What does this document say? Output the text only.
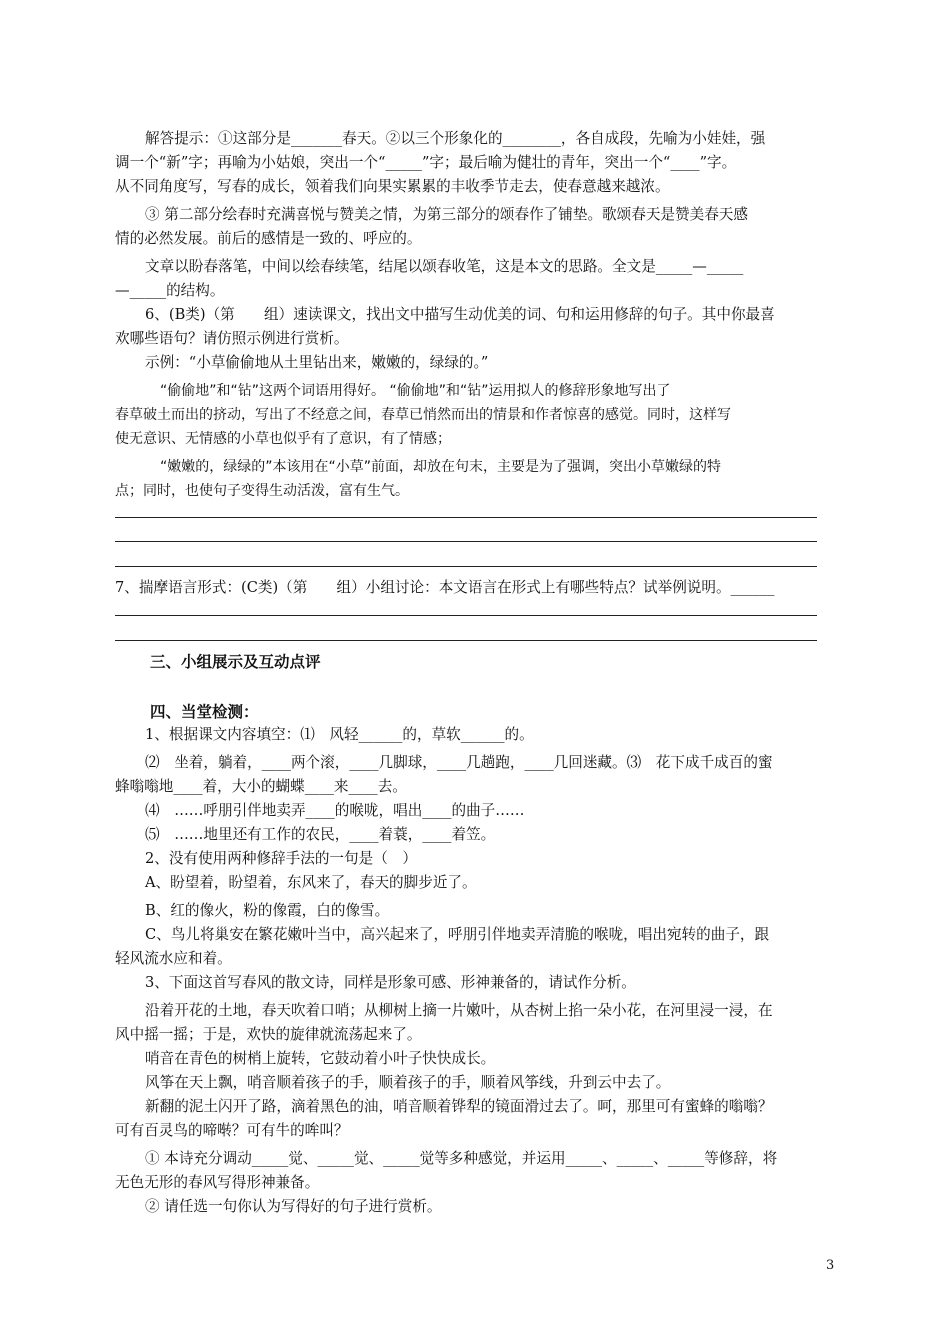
解答提示：①这部分是_______春天。②以三个形象化的________，各自成段，先喻为小娃娃，强
调一个“新”字；再喻为小姑娘，突出一个“_____”字；最后喻为健壮的青年，突出一个“____”字。
从不同角度写，写春的成长，领着我们向果实累累的丰收季节走去，使春意越来越浓。
③ 第二部分绘春时充满喜悦与赞美之情，为第三部分的颂春作了铺垫。歌颂春天是赞美春天感
情的必然发展。前后的感情是一致的、呼应的。
文章以盼春落笔，中间以绘春续笔，结尾以颂春收笔，这是本文的思路。全文是_____—_____
—_____的结构。
6、(B类)（第　　组）速读课文，找出文中描写生动优美的词、句和运用修辞的句子。其中你最喜
欢哪些语句？请仿照示例进行赏析。
示例：“小草偷偷地从土里钻出来，嫩嫩的，绿绿的。”
“偷偷地”和“钻”这两个词语用得好。 “偷偷地”和“钻”运用拟人的修辞形象地写出了
春草破土而出的挤动，写出了不经意之间，春草已悄然而出的情景和作者惊喜的感觉。同时，这样写
使无意识、无情感的小草也似乎有了意识，有了情感；
“嫩嫩的，绿绿的”本该用在“小草”前面，却放在句末，主要是为了强调，突出小草嫩绿的特
点；同时，也使句子变得生动活泼，富有生气。
7、揣摩语言形式：(C类)（第　　组）小组讨论：本文语言在形式上有哪些特点？试举例说明。______
三、小组展示及互动点评
四、当堂检测：
1、根据课文内容填空：⑴　风轻______的，草软______的。
⑵　坐着，躺着，____两个滚，____几脚球，____几趟跑，____几回迷藏。⑶　花下成千成百的蜜
蜂嗡嗡地____着，大小的蝴蝶____来____去。
⑷　……呼朋引伴地卖弄____的喉咙，唱出____的曲子……
⑸　……地里还有工作的农民，____着蓑，____着笠。
2、没有使用两种修辞手法的一句是（　）
A、盼望着，盼望着，东风来了，春天的脚步近了。
B、红的像火，粉的像霞，白的像雪。
C、鸟儿将巢安在繁花嫩叶当中，高兴起来了，呼朋引伴地卖弄清脆的喉咙，唱出宛转的曲子，跟
轻风流水应和着。
3、下面这首写春风的散文诗，同样是形象可感、形神兼备的，请试作分析。
沿着开花的土地，春天吹着口哨；从柳树上摘一片嫩叶，从杏树上掐一朵小花，在河里浸一浸，在
风中摇一摇；于是，欢快的旋律就流荡起来了。
哨音在青色的树梢上旋转，它鼓动着小叶子快快成长。
风筝在天上飘，哨音顺着孩子的手，顺着孩子的手，顺着风筝线，升到云中去了。
新翻的泥土闪开了路，滴着黑色的油，哨音顺着铧犁的镜面滑过去了。呵，那里可有蜜蜂的嗡嗡？
可有百灵鸟的啼啭？可有牛的哞叫？
① 本诗充分调动_____觉、_____觉、_____觉等多种感觉，并运用_____、_____、_____等修辞，将
无色无形的春风写得形神兼备。
② 请任选一句你认为写得好的句子进行赏析。
3
